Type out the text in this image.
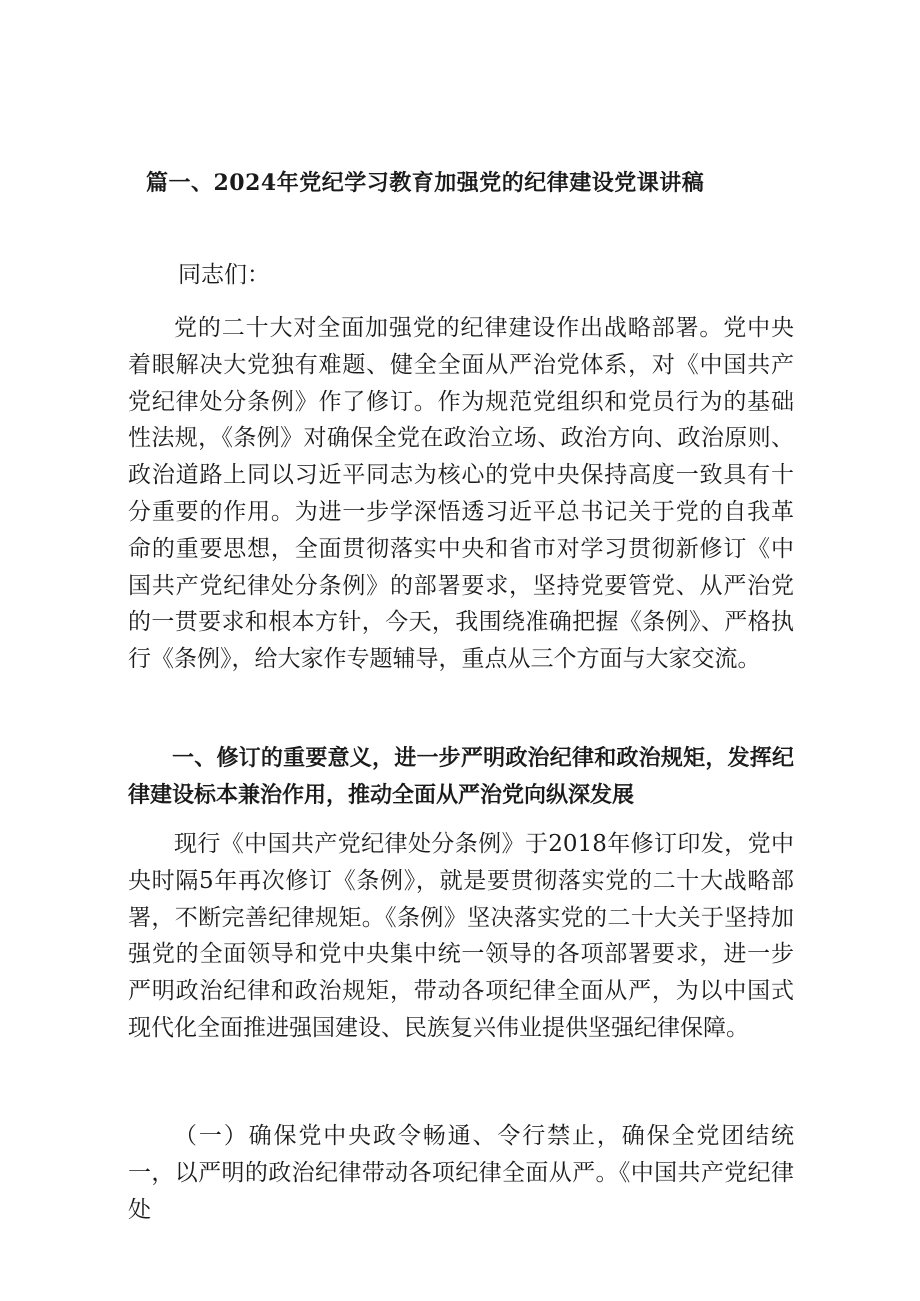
篇一、2024年党纪学习教育加强党的纪律建设党课讲稿
同志们：

党的二十大对全面加强党的纪律建设作出战略部署。党中央着眼解决大党独有难题、健全全面从严治党体系，对《中国共产党纪律处分条例》作了修订。作为规范党组织和党员行为的基础性法规，《条例》对确保全党在政治立场、政治方向、政治原则、政治道路上同以习近平同志为核心的党中央保持高度一致具有十分重要的作用。为进一步学深悟透习近平总书记关于党的自我革命的重要思想，全面贯彻落实中央和省市对学习贯彻新修订《中国共产党纪律处分条例》的部署要求，坚持党要管党、从严治党的一贯要求和根本方针，今天，我围绕准确把握《条例》、严格执行《条例》，给大家作专题辅导，重点从三个方面与大家交流。

一、修订的重要意义，进一步严明政治纪律和政治规矩，发挥纪律建设标本兼治作用，推动全面从严治党向纵深发展

现行《中国共产党纪律处分条例》于2018年修订印发，党中央时隔5年再次修订《条例》，就是要贯彻落实党的二十大战略部署，不断完善纪律规矩。《条例》坚决落实党的二十大关于坚持加强党的全面领导和党中央集中统一领导的各项部署要求，进一步严明政治纪律和政治规矩，带动各项纪律全面从严，为以中国式现代化全面推进强国建设、民族复兴伟业提供坚强纪律保障。

（一）确保党中央政令畅通、令行禁止，确保全党团结统一，以严明的政治纪律带动各项纪律全面从严。《中国共产党纪律处
